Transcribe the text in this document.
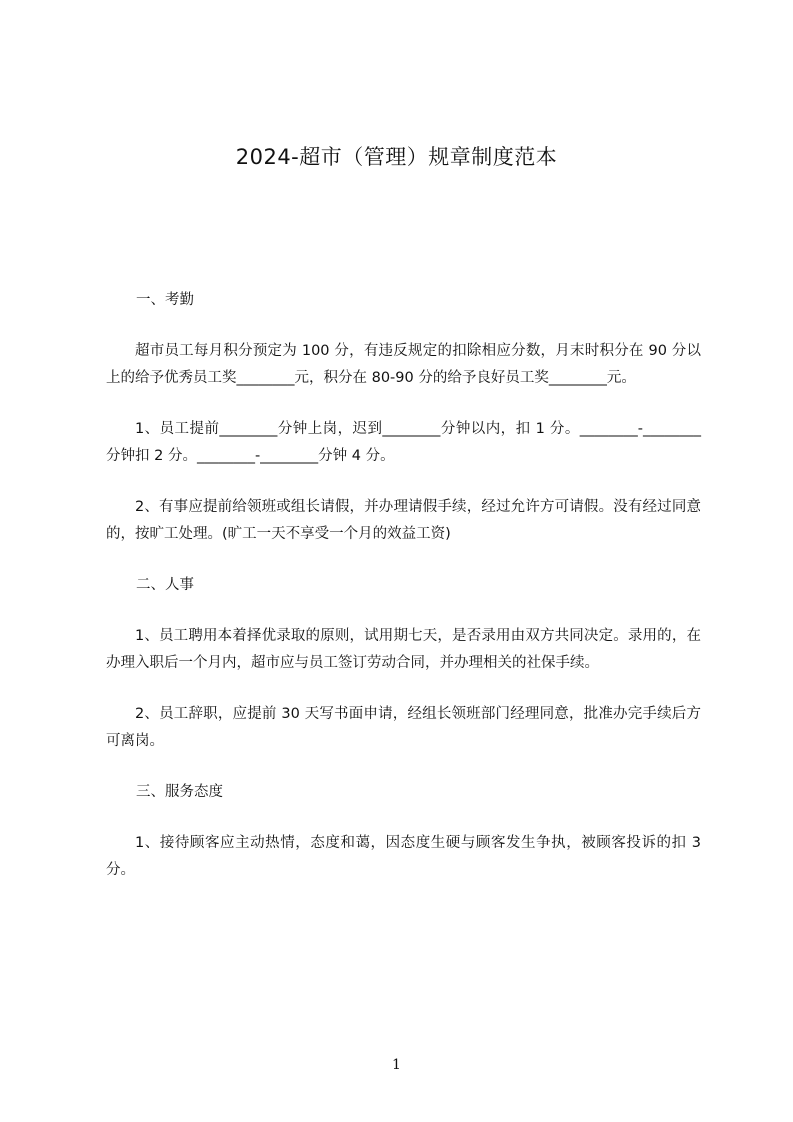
2024-超市（管理）规章制度范本

一、考勤

超市员工每月积分预定为 100 分，有违反规定的扣除相应分数，月末时积分在 90 分以上的给予优秀员工奖________元，积分在 80-90 分的给予良好员工奖________元。

1、员工提前________分钟上岗，迟到________分钟以内，扣 1 分。________-________分钟扣 2 分。________-________分钟 4 分。

2、有事应提前给领班或组长请假，并办理请假手续，经过允许方可请假。没有经过同意的，按旷工处理。(旷工一天不享受一个月的效益工资)

二、人事

1、员工聘用本着择优录取的原则，试用期七天，是否录用由双方共同决定。录用的，在办理入职后一个月内，超市应与员工签订劳动合同，并办理相关的社保手续。

2、员工辞职，应提前 30 天写书面申请，经组长领班部门经理同意，批准办完手续后方可离岗。

三、服务态度

1、接待顾客应主动热情，态度和蔼，因态度生硬与顾客发生争执，被顾客投诉的扣 3 分。

1
